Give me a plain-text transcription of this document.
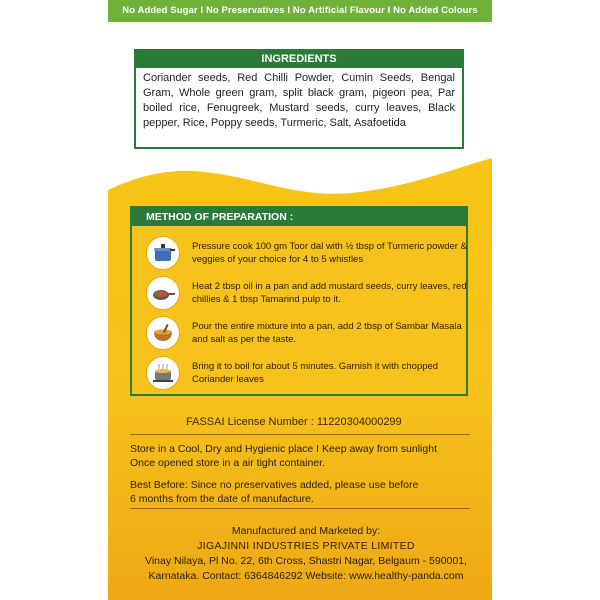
No Added Sugar I No Preservatives I No Artificial Flavour I No Added Colours
INGREDIENTS
Coriander seeds, Red Chilli Powder, Cumin Seeds, Bengal Gram, Whole green gram, split black gram, pigeon pea, Par boiled rice, Fenugreek, Mustard seeds, curry leaves, Black pepper, Rice, Poppy seeds, Turmeric, Salt, Asafoetida
METHOD OF PREPARATION :
Pressure cook 100 gm Toor dal with ½ tbsp of Turmeric powder & veggies of your choice for 4 to 5 whistles
Heat 2 tbsp oil in a pan and add mustard seeds, curry leaves, red chillies & 1 tbsp Tamarind pulp to it.
Pour the entire mixture into a pan, add 2 tbsp of Sambar Masala and salt as per the taste.
Bring it to boil for about 5 minutes. Garnish it with chopped Coriander leaves
FASSAI License Number : 11220304000299
Store in a Cool, Dry and Hygienic place I Keep away from sunlight
Once opened store in a air tight container.
Best Before: Since no preservatives added, please use before
6 months from the date of manufacture.
Manufactured and Marketed by:
JIGAJINNI INDUSTRIES PRIVATE LIMITED
Vinay Nilaya, Pl No. 22, 6th Cross, Shastri Nagar, Belgaum - 590001,
Karnataka. Contact: 6364846292 Website: www.healthy-panda.com
